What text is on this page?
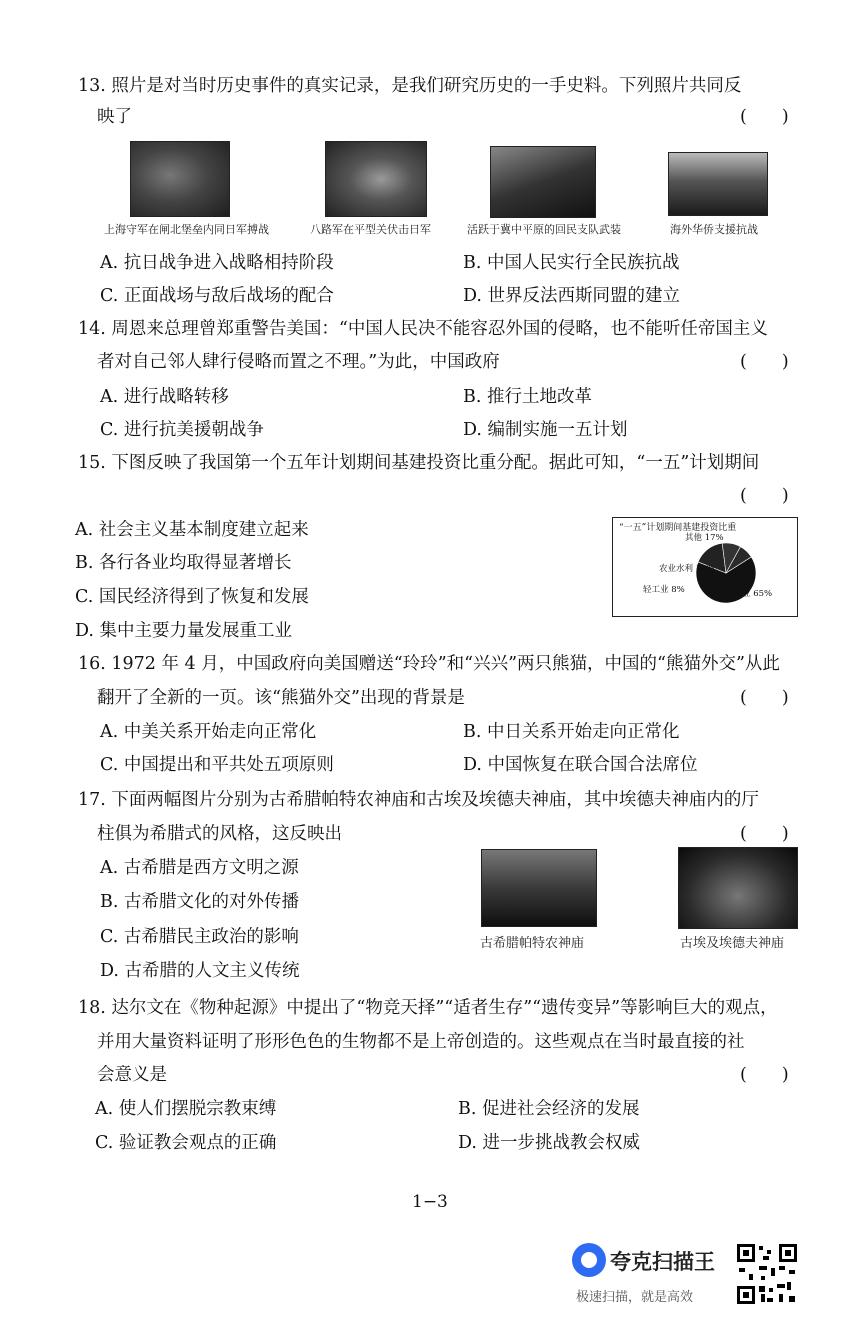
13. 照片是对当时历史事件的真实记录，是我们研究历史的一手史料。下列照片共同反
映了	(　　)
上海守军在闸北堡垒内同日军搏战	八路军在平型关伏击日军	活跃于冀中平原的回民支队武装	海外华侨支援抗战
A. 抗日战争进入战略相持阶段	B. 中国人民实行全民族抗战
C. 正面战场与敌后战场的配合	D. 世界反法西斯同盟的建立
14. 周恩来总理曾郑重警告美国：“中国人民决不能容忍外国的侵略，也不能听任帝国主义
者对自己邻人肆行侵略而置之不理。”为此，中国政府	(　　)
A. 进行战略转移	B. 推行土地改革
C. 进行抗美援朝战争	D. 编制实施一五计划
15. 下图反映了我国第一个五年计划期间基建投资比重分配。据此可知，“一五”计划期间
(　　)
A. 社会主义基本制度建立起来
B. 各行各业均取得显著增长
C. 国民经济得到了恢复和发展
D. 集中主要力量发展重工业
“一五”计划期间基建投资比重
其他 17%
农业水利 10%
轻工业 8%	重工业 65%
16. 1972 年 4 月，中国政府向美国赠送“玲玲”和“兴兴”两只熊猫，中国的“熊猫外交”从此
翻开了全新的一页。该“熊猫外交”出现的背景是	(　　)
A. 中美关系开始走向正常化	B. 中日关系开始走向正常化
C. 中国提出和平共处五项原则	D. 中国恢复在联合国合法席位
17. 下面两幅图片分别为古希腊帕特农神庙和古埃及埃德夫神庙，其中埃德夫神庙内的厅
柱俱为希腊式的风格，这反映出	(　　)
A. 古希腊是西方文明之源
B. 古希腊文化的对外传播
C. 古希腊民主政治的影响
D. 古希腊的人文主义传统
古希腊帕特农神庙	古埃及埃德夫神庙
18. 达尔文在《物种起源》中提出了“物竞天择”“适者生存”“遗传变异”等影响巨大的观点，
并用大量资料证明了形形色色的生物都不是上帝创造的。这些观点在当时最直接的社
会意义是	(　　)
A. 使人们摆脱宗教束缚	B. 促进社会经济的发展
C. 验证教会观点的正确	D. 进一步挑战教会权威
1−3
夸克扫描王
极速扫描，就是高效
